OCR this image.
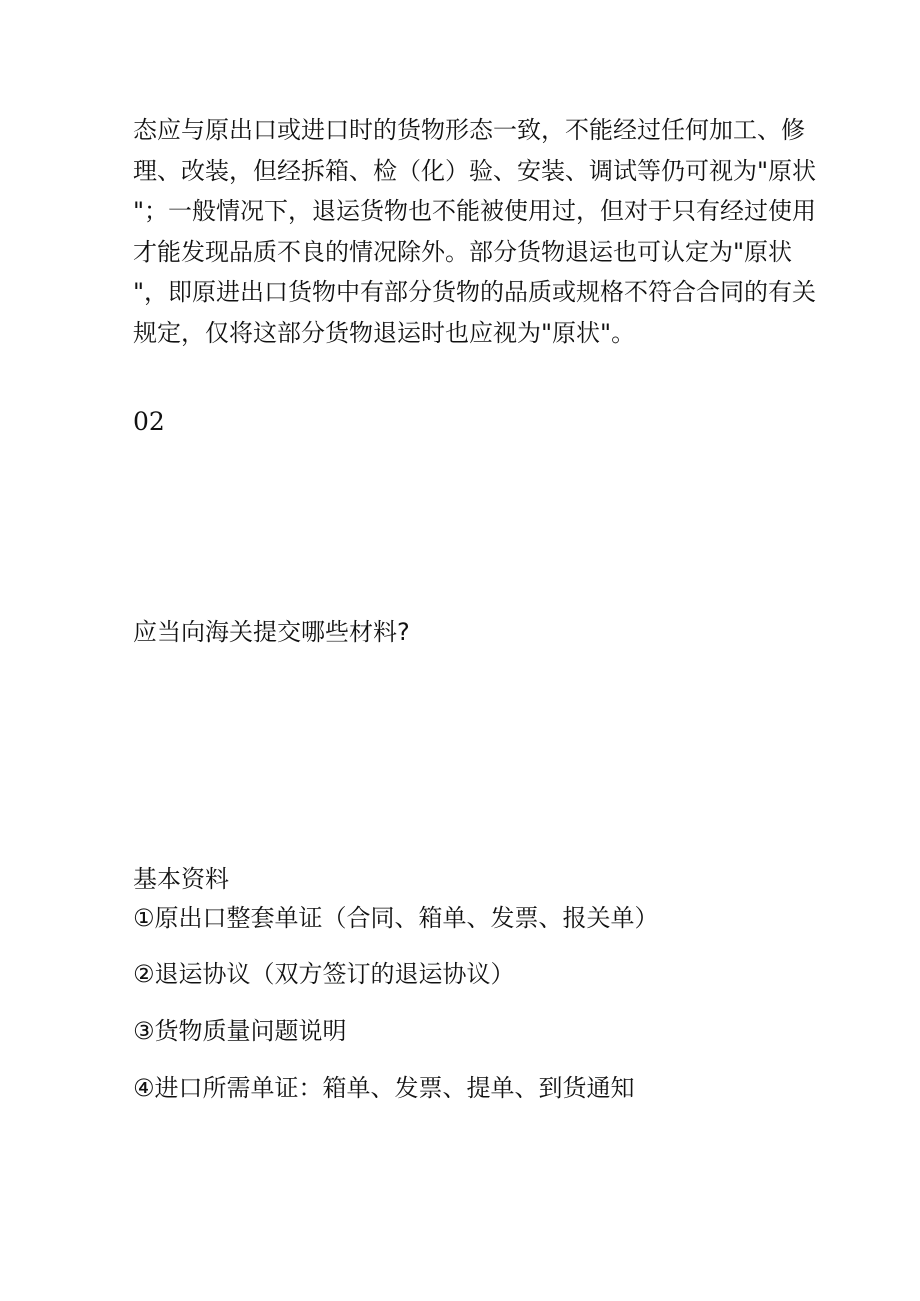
态应与原出口或进口时的货物形态一致，不能经过任何加工、修
理、改装，但经拆箱、检（化）验、安装、调试等仍可视为"原状
"；一般情况下，退运货物也不能被使用过，但对于只有经过使用
才能发现品质不良的情况除外。部分货物退运也可认定为"原状
"，即原进出口货物中有部分货物的品质或规格不符合合同的有关
规定，仅将这部分货物退运时也应视为"原状"。

02

应当向海关提交哪些材料?

基本资料

①原出口整套单证（合同、箱单、发票、报关单）

②退运协议（双方签订的退运协议）

③货物质量问题说明

④进口所需单证：箱单、发票、提单、到货通知
